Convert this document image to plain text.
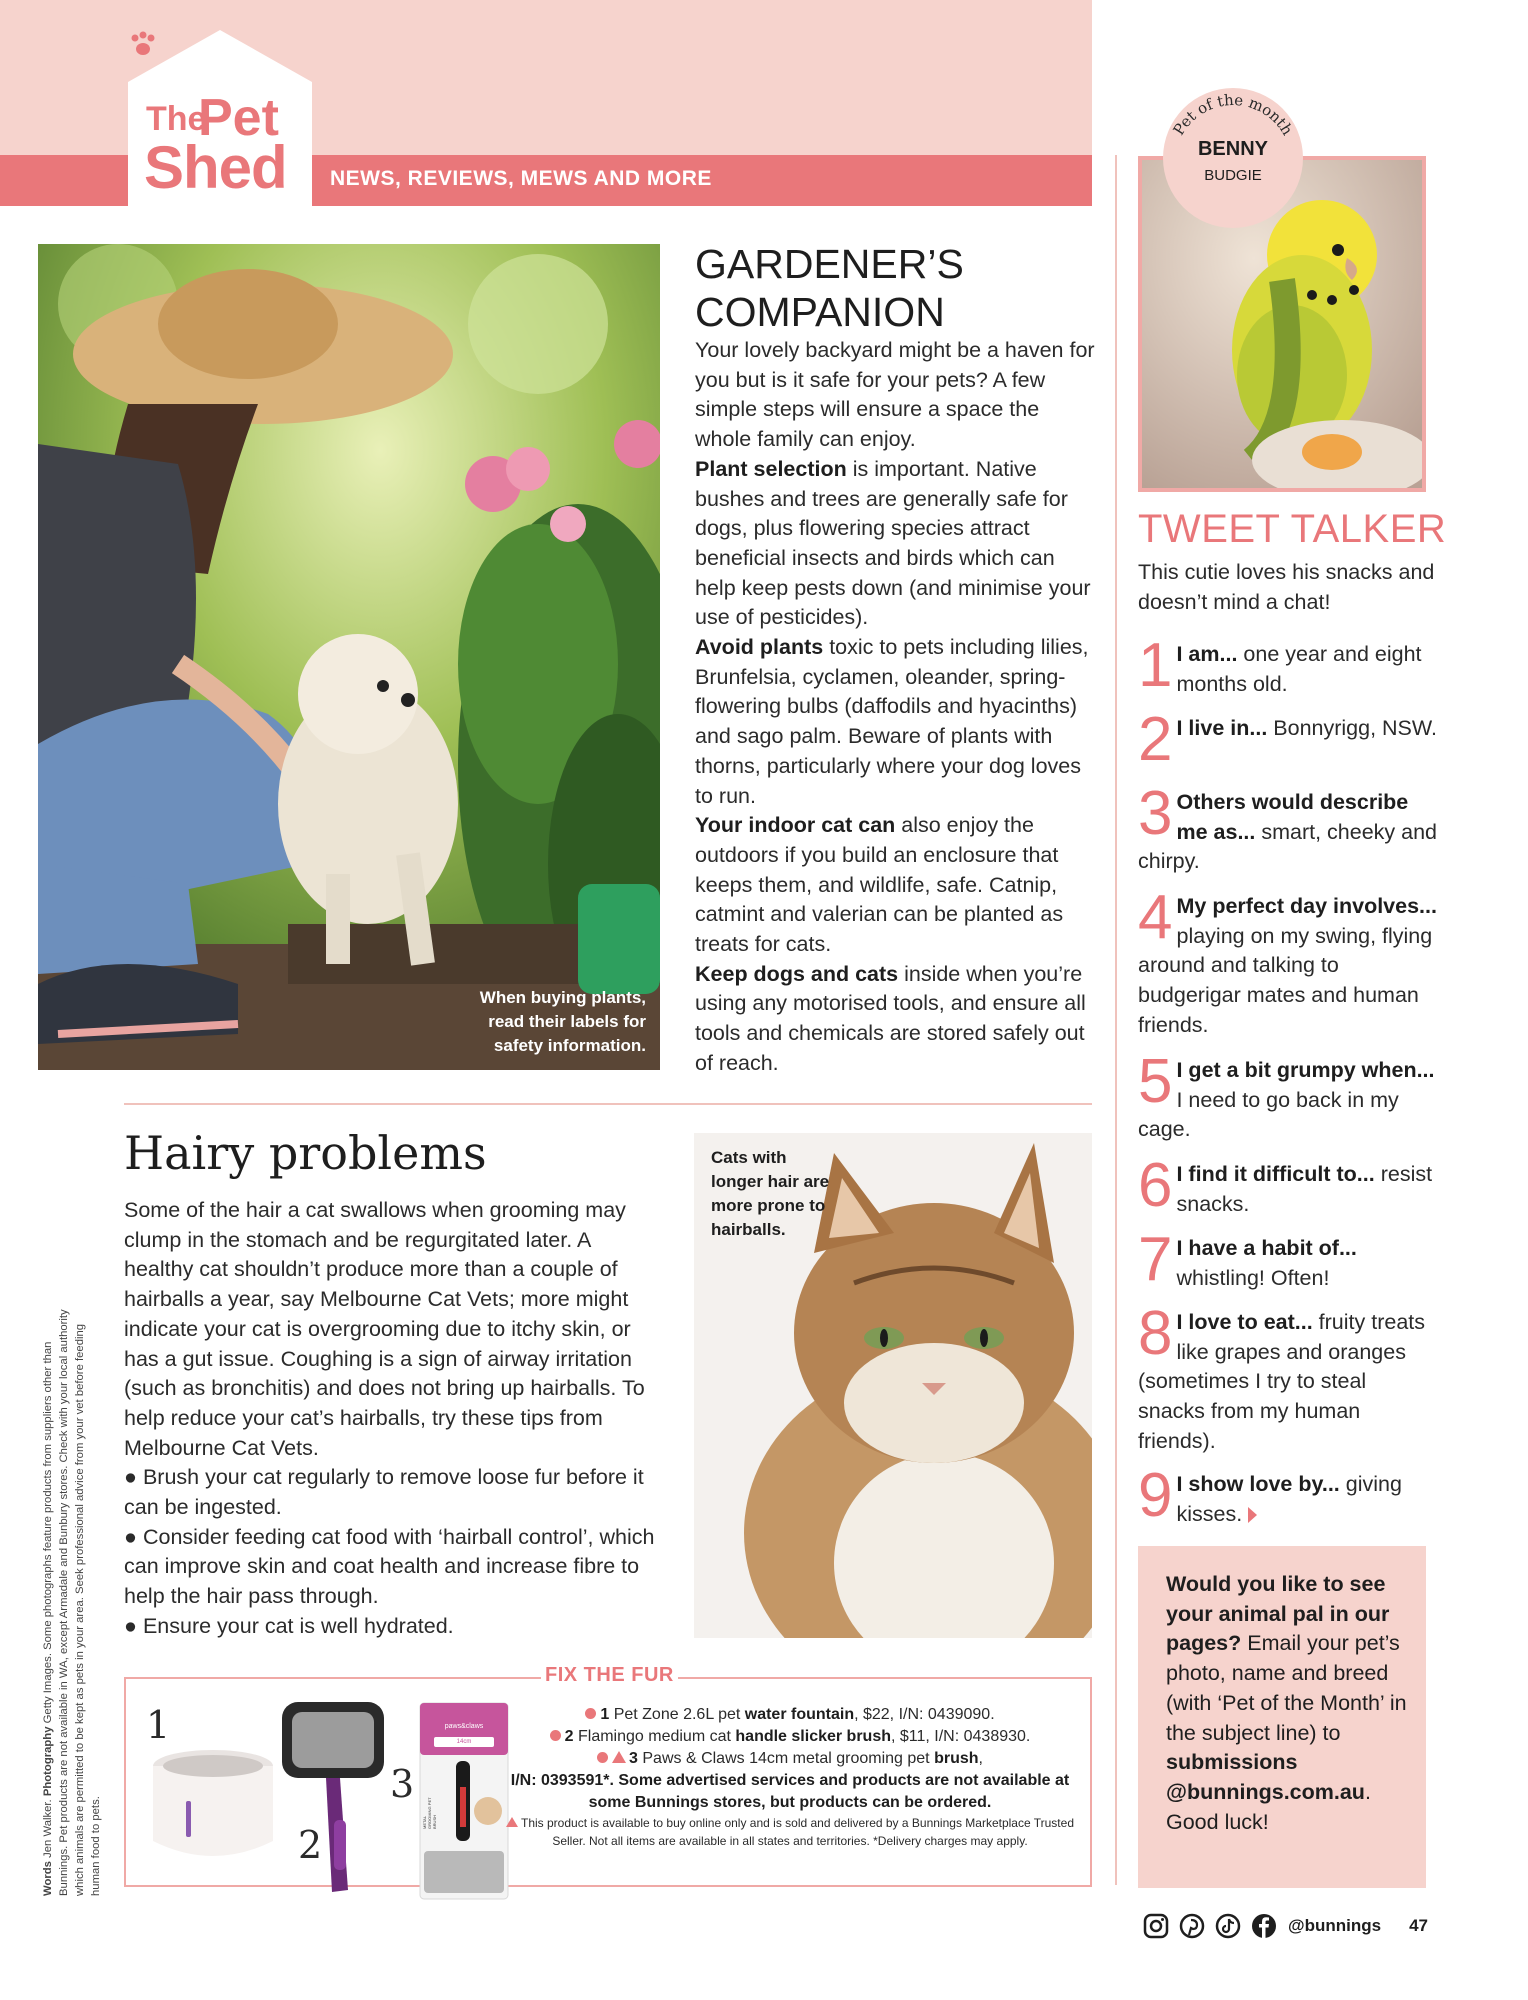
The
Pet
Shed NEWS, REVIEWS, MEWS AND MORE
When buying plants, read their labels for safety information.
GARDENER’S
COMPANION
Your lovely backyard might be a haven for you but is it safe for your pets? A few simple steps will ensure a space the whole family can enjoy.
Plant selection is important. Native bushes and trees are generally safe for dogs, plus flowering species attract beneficial insects and birds which can help keep pests down (and minimise your use of pesticides).
Avoid plants toxic to pets including lilies, Brunfelsia, cyclamen, oleander, spring-flowering bulbs (daffodils and hyacinths) and sago palm. Beware of plants with thorns, particularly where your dog loves to run.
Your indoor cat can also enjoy the outdoors if you build an enclosure that keeps them, and wildlife, safe. Catnip, catmint and valerian can be planted as treats for cats.
Keep dogs and cats inside when you’re using any motorised tools, and ensure all tools and chemicals are stored safely out of reach.
Hairy problems
Some of the hair a cat swallows when grooming may clump in the stomach and be regurgitated later. A healthy cat shouldn’t produce more than a couple of hairballs a year, say Melbourne Cat Vets; more might indicate your cat is overgrooming due to itchy skin, or has a gut issue. Coughing is a sign of airway irritation (such as bronchitis) and does not bring up hairballs. To help reduce your cat’s hairballs, try these tips from Melbourne Cat Vets.
● Brush your cat regularly to remove loose fur before it can be ingested.
● Consider feeding cat food with ‘hairball control’, which can improve skin and coat health and increase fibre to help the hair pass through.
● Ensure your cat is well hydrated.
Cats with longer hair are more prone to hairballs.
FIX THE FUR
1
2
3
paws&claws
14cm
METAL GROOMING PET BRUSH
1 Pet Zone 2.6L pet water fountain, $22, I/N: 0439090.
2 Flamingo medium cat handle slicker brush, $11, I/N: 0438930.
3 Paws & Claws 14cm metal grooming pet brush,
I/N: 0393591*. Some advertised services and products are not available at some Bunnings stores, but products can be ordered.
This product is available to buy online only and is sold and delivered by a Bunnings Marketplace Trusted Seller. Not all items are available in all states and territories. *Delivery charges may apply.
Words Jen Walker. Photography Getty Images. Some photographs feature products from suppliers other than Bunnings. Pet products are not available in WA, except Armadale and Bunbury stores. Check with your local authority which animals are permitted to be kept as pets in your area. Seek professional advice from your vet before feeding human food to pets.
Pet of the month
BENNY
BUDGIE
TWEET TALKER
This cutie loves his snacks and doesn’t mind a chat!
1 I am... one year and eight months old.
2 I live in... Bonnyrigg, NSW.
3 Others would describe me as... smart, cheeky and chirpy.
4 My perfect day involves... playing on my swing, flying around and talking to budgerigar mates and human friends.
5 I get a bit grumpy when... I need to go back in my cage.
6 I find it difficult to... resist snacks.
7 I have a habit of... whistling! Often!
8 I love to eat... fruity treats like grapes and oranges (sometimes I try to steal snacks from my human friends).
9 I show love by... giving kisses.
Would you like to see your animal pal in our pages? Email your pet’s photo, name and breed (with ‘Pet of the Month’ in the subject line) to submissions @bunnings.com.au. Good luck!
@bunnings 47
